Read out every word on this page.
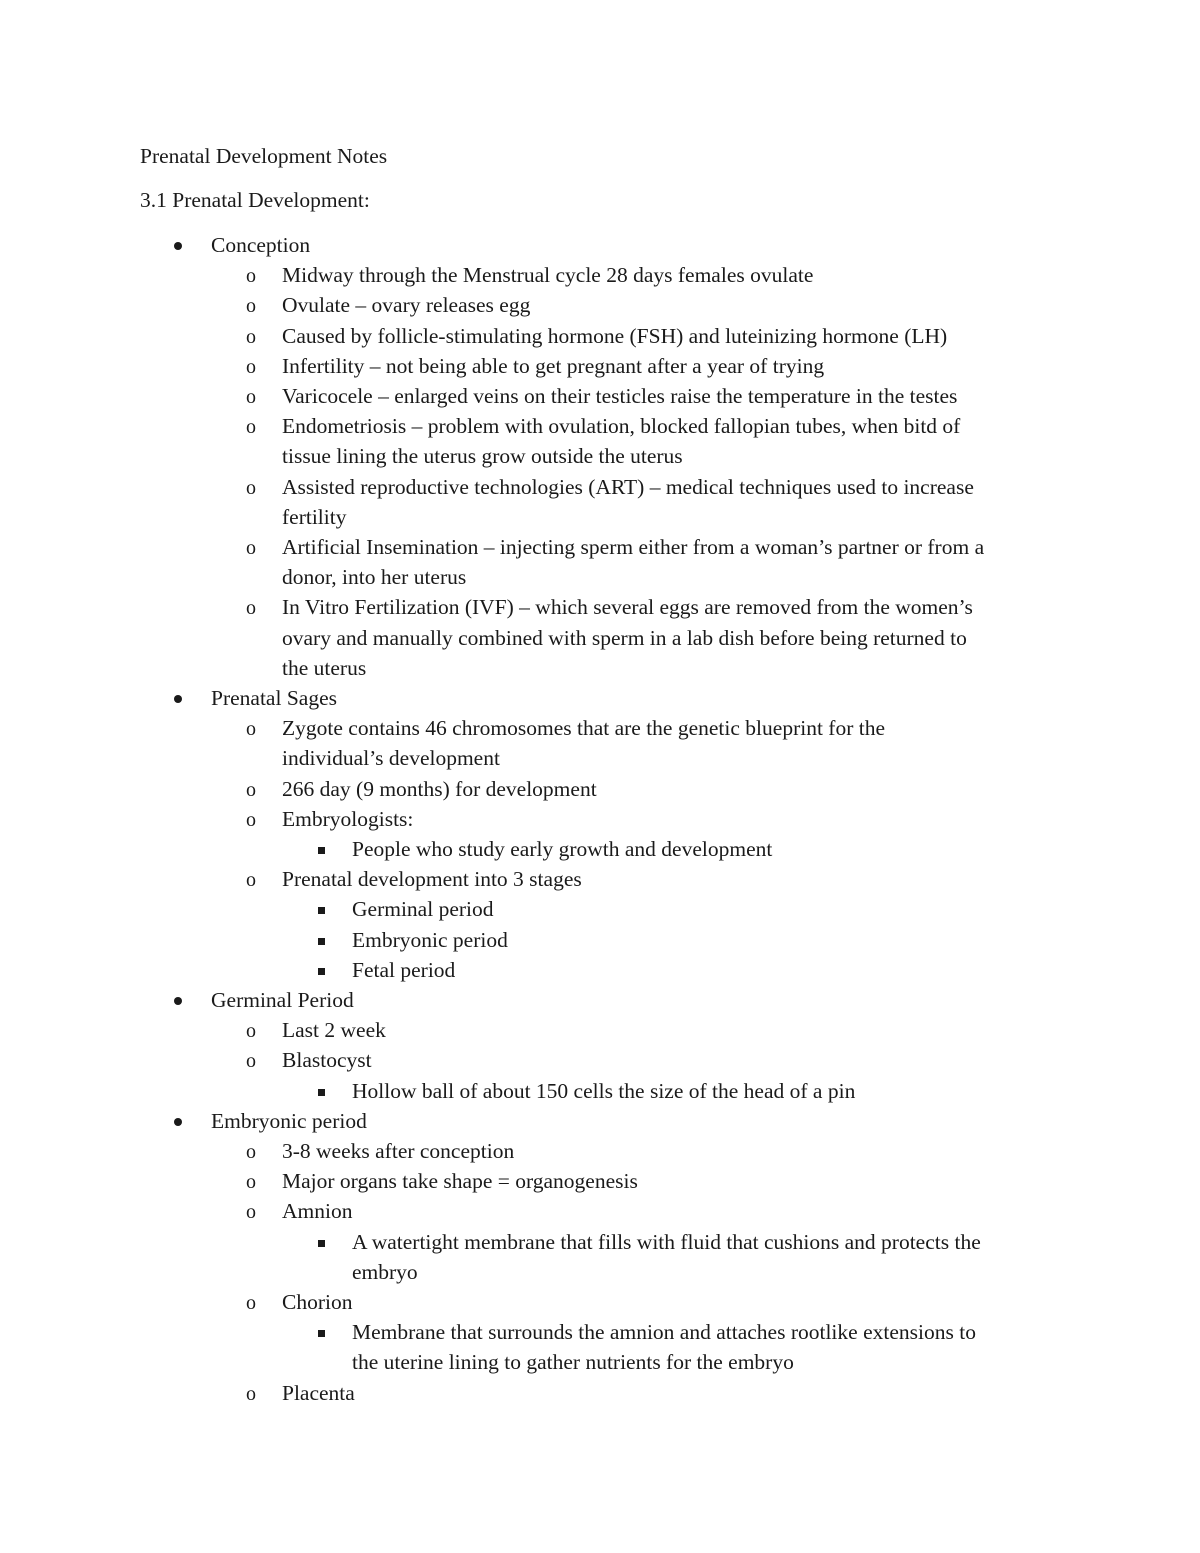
Prenatal Development Notes
3.1 Prenatal Development:
Conception
o Midway through the Menstrual cycle 28 days females ovulate
o Ovulate – ovary releases egg
o Caused by follicle-stimulating hormone (FSH) and luteinizing hormone (LH)
o Infertility – not being able to get pregnant after a year of trying
o Varicocele – enlarged veins on their testicles raise the temperature in the testes
o Endometriosis – problem with ovulation, blocked fallopian tubes, when bitd of
tissue lining the uterus grow outside the uterus
o Assisted reproductive technologies (ART) – medical techniques used to increase
fertility
o Artificial Insemination – injecting sperm either from a woman’s partner or from a
donor, into her uterus
o In Vitro Fertilization (IVF) – which several eggs are removed from the women’s
ovary and manually combined with sperm in a lab dish before being returned to
the uterus
Prenatal Sages
o Zygote contains 46 chromosomes that are the genetic blueprint for the
individual’s development
o 266 day (9 months) for development
o Embryologists:
People who study early growth and development
o Prenatal development into 3 stages
Germinal period
Embryonic period
Fetal period
Germinal Period
o Last 2 week
o Blastocyst
Hollow ball of about 150 cells the size of the head of a pin
Embryonic period
o 3-8 weeks after conception
o Major organs take shape = organogenesis
o Amnion
A watertight membrane that fills with fluid that cushions and protects the
embryo
o Chorion
Membrane that surrounds the amnion and attaches rootlike extensions to
the uterine lining to gather nutrients for the embryo
o Placenta
